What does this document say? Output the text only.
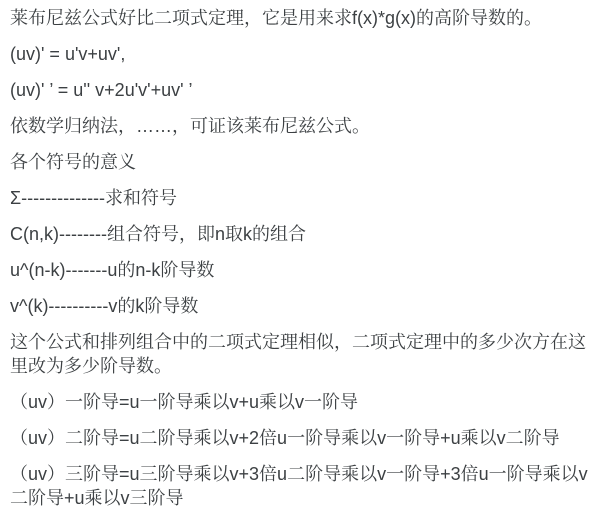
莱布尼兹公式好比二项式定理，它是用来求f(x)*g(x)的高阶导数的。

(uv)' = u'v+uv',

(uv)' ’ = u'' v+2u'v'+uv' ’

依数学归纳法，……，可证该莱布尼兹公式。

各个符号的意义

Σ--------------求和符号

C(n,k)--------组合符号，即n取k的组合

u^(n-k)-------u的n-k阶导数

v^(k)----------v的k阶导数

这个公式和排列组合中的二项式定理相似，二项式定理中的多少次方在这里改为多少阶导数。

（uv）一阶导=u一阶导乘以v+u乘以v一阶导

（uv）二阶导=u二阶导乘以v+2倍u一阶导乘以v一阶导+u乘以v二阶导

（uv）三阶导=u三阶导乘以v+3倍u二阶导乘以v一阶导+3倍u一阶导乘以v二阶导+u乘以v三阶导
